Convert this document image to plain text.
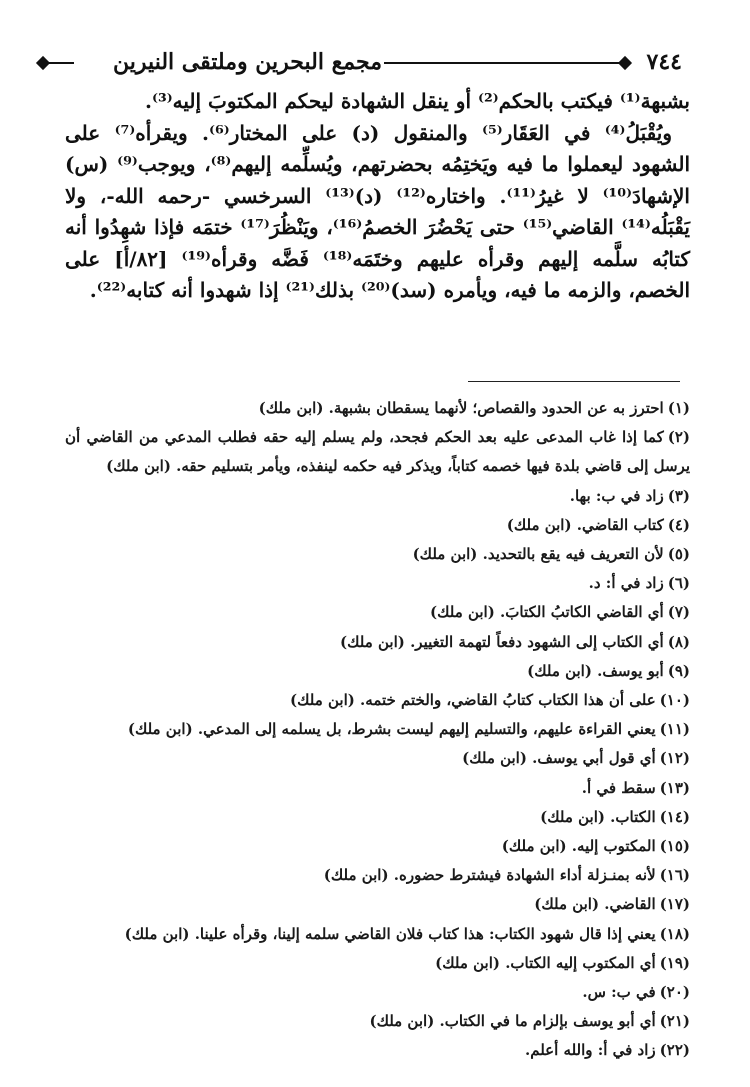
٧٤٤
مجمع البحرين وملتقى النيرين

بشبهة⁽¹⁾ فيكتب بالحكم⁽²⁾ أو ينقل الشهادة ليحكم المكتوبَ إليه⁽³⁾.

ويُقْبَلُ⁽⁴⁾ في العَقَار⁽⁵⁾ والمنقول (د) على المختار⁽⁶⁾. ويقرأه⁽⁷⁾ على الشهود ليعملوا ما فيه ويَختِمُه بحضرتهم، ويُسلِّمه إليهم⁽⁸⁾، ويوجب⁽⁹⁾ (س) الإشهادَ⁽¹⁰⁾ لا غيرُ⁽¹¹⁾. واختاره⁽¹²⁾ (د)⁽¹³⁾ السرخسي -رحمه الله-، ولا يَقْبَلُه⁽¹⁴⁾ القاضي⁽¹⁵⁾ حتى يَحْضُرَ الخصمُ⁽¹⁶⁾، ويَنْظُرَ⁽¹⁷⁾ ختمَه فإذا شهِدُوا أنه كتابُه سلَّمه إليهم وقرأه عليهم وختَمَه⁽¹⁸⁾ فَضَّه وقرأه⁽¹⁹⁾ [٨٢/أ] على الخصم، والزمه ما فيه، ويأمره (سد)⁽²⁰⁾ بذلك⁽²¹⁾ إذا شهدوا أنه كتابه⁽²²⁾.

(١)احترز به عن الحدود والقصاص؛ لأنهما يسقطان بشبهة. (ابن ملك)

(٢)كما إذا غاب المدعى عليه بعد الحكم فجحد، ولم يسلم إليه حقه فطلب المدعي من القاضي أن يرسل إلى قاضي بلدة فيها خصمه كتاباً، ويذكر فيه حكمه لينفذه، ويأمر بتسليم حقه. (ابن ملك)

(٣)زاد في ب: بها.

(٤)كتاب القاضي. (ابن ملك)

(٥)لأن التعريف فيه يقع بالتحديد. (ابن ملك)

(٦)زاد في أ: د.

(٧)أي القاضي الكاتبُ الكتابَ. (ابن ملك)

(٨)أي الكتاب إلى الشهود دفعاً لتهمة التغيير. (ابن ملك)

(٩)أبو يوسف. (ابن ملك)

(١٠)على أن هذا الكتاب كتابُ القاضي، والختم ختمه. (ابن ملك)

(١١)يعني القراءة عليهم، والتسليم إليهم ليست بشرط، بل يسلمه إلى المدعي. (ابن ملك)

(١٢)أي قول أبي يوسف. (ابن ملك)

(١٣)سقط في أ.

(١٤)الكتاب. (ابن ملك)

(١٥)المكتوب إليه. (ابن ملك)

(١٦)لأنه بمنـزلة أداء الشهادة فيشترط حضوره. (ابن ملك)

(١٧)القاضي. (ابن ملك)

(١٨)يعني إذا قال شهود الكتاب: هذا كتاب فلان القاضي سلمه إلينا، وقرأه علينا. (ابن ملك)

(١٩)أي المكتوب إليه الكتاب. (ابن ملك)

(٢٠)في ب: س.

(٢١)أي أبو يوسف بإلزام ما في الكتاب. (ابن ملك)

(٢٢)زاد في أ: والله أعلم.
